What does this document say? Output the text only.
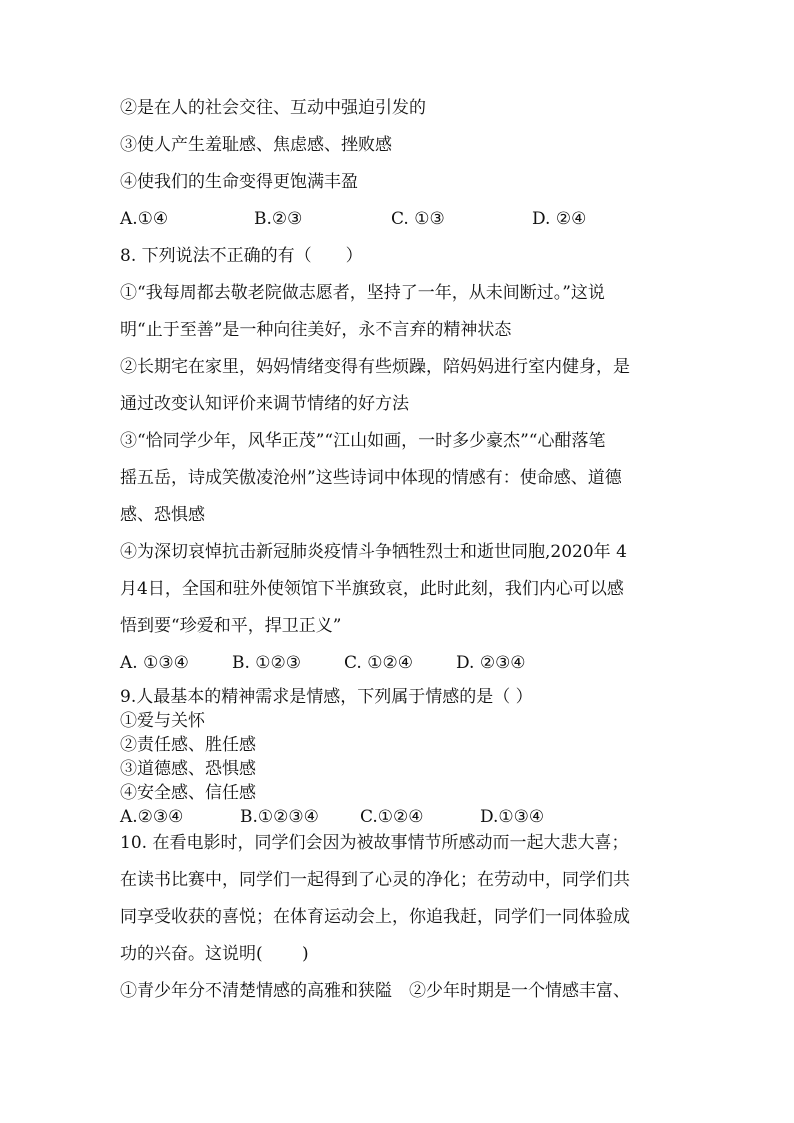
②是在人的社会交往、互动中强迫引发的
③使人产生羞耻感、焦虑感、挫败感
④使我们的生命变得更饱满丰盈
A.①④	B.②③	C. ①③	D. ②④
8. 下列说法不正确的有（　　）
①“我每周都去敬老院做志愿者，坚持了一年，从未间断过。”这说
明“止于至善”是一种向往美好，永不言弃的精神状态
②长期宅在家里，妈妈情绪变得有些烦躁，陪妈妈进行室内健身，是
通过改变认知评价来调节情绪的好方法
③“恰同学少年，风华正茂”“江山如画，一时多少豪杰”“心酣落笔
摇五岳，诗成笑傲凌沧州”这些诗词中体现的情感有：使命感、道德
感、恐惧感
④为深切哀悼抗击新冠肺炎疫情斗争牺牲烈士和逝世同胞,2020年 4
月4日，全国和驻外使领馆下半旗致哀，此时此刻，我们内心可以感
悟到要“珍爱和平，捍卫正义”
A. ①③④	B. ①②③	C. ①②④	D. ②③④
9.人最基本的精神需求是情感，下列属于情感的是（ ）
①爱与关怀
②责任感、胜任感
③道德感、恐惧感
④安全感、信任感
A.②③④	B.①②③④ C.①②④	D.①③④
10. 在看电影时，同学们会因为被故事情节所感动而一起大悲大喜；
在读书比赛中，同学们一起得到了心灵的净化；在劳动中，同学们共
同享受收获的喜悦；在体育运动会上，你追我赶，同学们一同体验成
功的兴奋。这说明(　　 )
①青少年分不清楚情感的高雅和狭隘　②少年时期是一个情感丰富、
